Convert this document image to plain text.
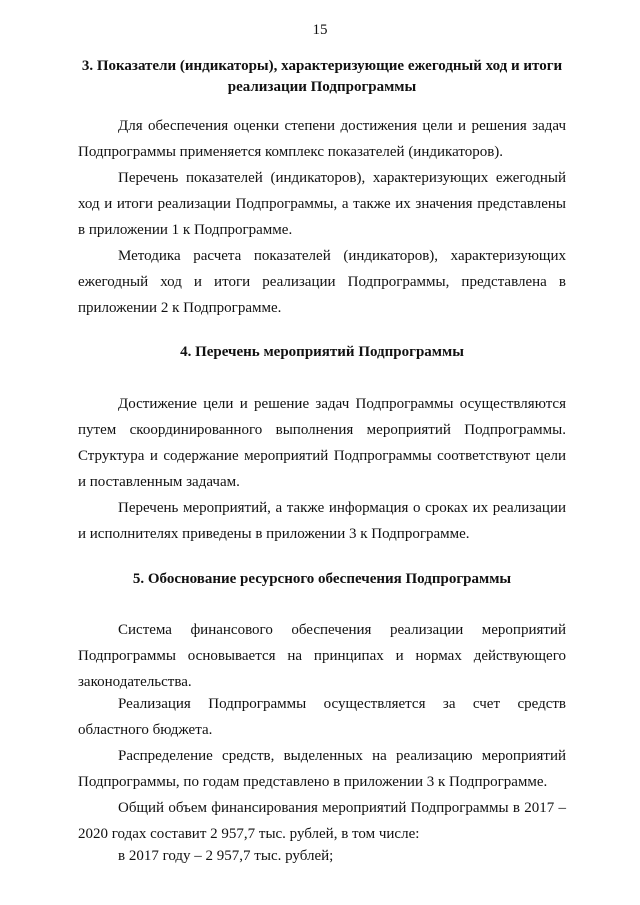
15
3. Показатели (индикаторы), характеризующие ежегодный ход и итоги реализации Подпрограммы

Для обеспечения оценки степени достижения цели и решения задач Подпрограммы применяется комплекс показателей (индикаторов).

Перечень показателей (индикаторов), характеризующих ежегодный ход и итоги реализации Подпрограммы, а также их значения представлены в приложении 1 к Подпрограмме.

Методика расчета показателей (индикаторов), характеризующих ежегодный ход и итоги реализации Подпрограммы, представлена в приложении 2 к Подпрограмме.

4. Перечень мероприятий Подпрограммы

Достижение цели и решение задач Подпрограммы осуществляются путем скоординированного выполнения мероприятий Подпрограммы. Структура и содержание мероприятий Подпрограммы соответствуют цели и поставленным задачам.

Перечень мероприятий, а также информация о сроках их реализации и исполнителях приведены в приложении 3 к Подпрограмме.

5. Обоснование ресурсного обеспечения Подпрограммы

Система финансового обеспечения реализации мероприятий Подпрограммы основывается на принципах и нормах действующего законодательства.

Реализация Подпрограммы осуществляется за счет средств областного бюджета.

Распределение средств, выделенных на реализацию мероприятий Подпрограммы, по годам представлено в приложении 3 к Подпрограмме.

Общий объем финансирования мероприятий Подпрограммы в 2017 – 2020 годах составит 2 957,7 тыс. рублей, в том числе:

в 2017 году – 2 957,7 тыс. рублей;
